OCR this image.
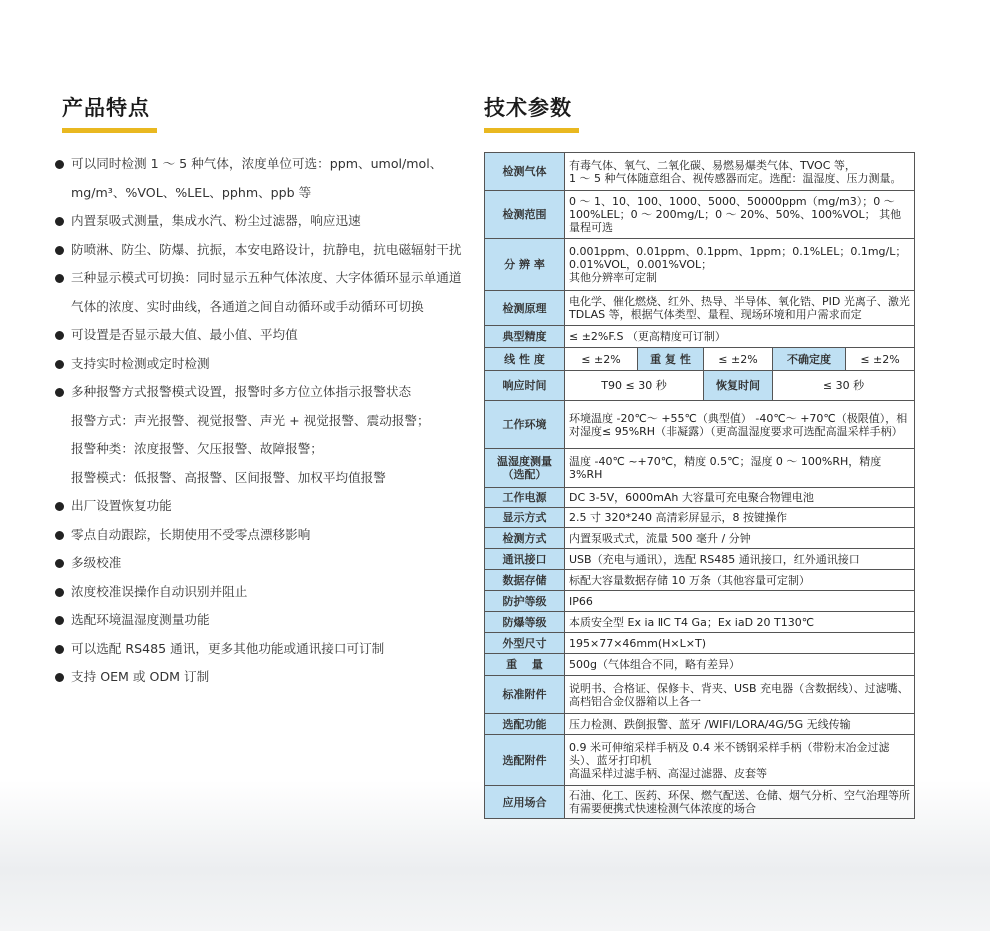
产品特点	技术参数
可以同时检测 1 ～ 5 种气体，浓度单位可选：ppm、umol/mol、mg/m³、%VOL、%LEL、pphm、ppb 等
内置泵吸式测量，集成水汽、粉尘过滤器，响应迅速
防喷淋、防尘、防爆、抗振，本安电路设计，抗静电，抗电磁辐射干扰
三种显示模式可切换：同时显示五种气体浓度、大字体循环显示单通道气体的浓度、实时曲线，各通道之间自动循环或手动循环可切换
可设置是否显示最大值、最小值、平均值
支持实时检测或定时检测
多种报警方式报警模式设置，报警时多方位立体指示报警状态
报警方式：声光报警、视觉报警、声光 + 视觉报警、震动报警；
报警种类：浓度报警、欠压报警、故障报警；
报警模式：低报警、高报警、区间报警、加权平均值报警
出厂设置恢复功能
零点自动跟踪，长期使用不受零点漂移影响
多级校准
浓度校准误操作自动识别并阻止
选配环境温湿度测量功能
可以选配 RS485 通讯，更多其他功能或通讯接口可订制
支持 OEM 或 ODM 订制
检测气体	有毒气体、氧气、二氧化碳、易燃易爆类气体、TVOC 等，
1 ～ 5 种气体随意组合、视传感器而定。选配：温湿度、压力测量。				
检测范围	0 ～ 1、10、100、1000、5000、50000ppm（mg/m3）；0 ～ 100%LEL；0 ～ 200mg/L；0 ～ 20%、50%、100%VOL； 其他量程可选				
分 辨 率	0.001ppm、0.01ppm、0.1ppm、1ppm；0.1%LEL；0.1mg/L；
0.01%VOL，0.001%VOL；
其他分辨率可定制				
检测原理	电化学、催化燃烧、红外、热导、半导体、氧化锆、PID 光离子、激光 TDLAS 等，根据气体类型、量程、现场环境和用户需求而定				
典型精度	≤ ±2%F.S （更高精度可订制）				
线 性 度	≤ ±2%	重 复 性	≤ ±2%	不确定度	≤ ±2%
响应时间	T90 ≤ 30 秒		恢复时间	≤ 30 秒	
工作环境	环境温度 -20℃～ +55℃（典型值） -40℃～ +70℃（极限值），相对湿度≤ 95%RH（非凝露）（更高温湿度要求可选配高温采样手柄）				
温湿度测量
（选配）	温度 -40℃ ~+70℃，精度 0.5℃；湿度 0 ～ 100%RH，精度 3%RH				
工作电源	DC 3-5V，6000mAh 大容量可充电聚合物锂电池				
显示方式	2.5 寸 320*240 高清彩屏显示，8 按键操作				
检测方式	内置泵吸式式，流量 500 毫升 / 分钟				
通讯接口	USB（充电与通讯），选配 RS485 通讯接口，红外通讯接口				
数据存储	标配大容量数据存储 10 万条（其他容量可定制）				
防护等级	IP66				
防爆等级	本质安全型 Ex ia ⅡC T4 Ga；Ex iaD 20 T130℃				
外型尺寸	195×77×46mm(H×L×T)				
重　 量	500g（气体组合不同，略有差异）				
标准附件	说明书、合格证、保修卡、背夹、USB 充电器（含数据线）、过滤嘴、高档铝合金仪器箱以上各一				
选配功能	压力检测、跌倒报警、蓝牙 /WIFI/LORA/4G/5G 无线传输				
选配附件	0.9 米可伸缩采样手柄及 0.4 米不锈钢采样手柄（带粉末冶金过滤头）、蓝牙打印机
高温采样过滤手柄、高湿过滤器、皮套等				
应用场合	石油、化工、医药、环保、燃气配送、仓储、烟气分析、空气治理等所有需要便携式快速检测气体浓度的场合				
